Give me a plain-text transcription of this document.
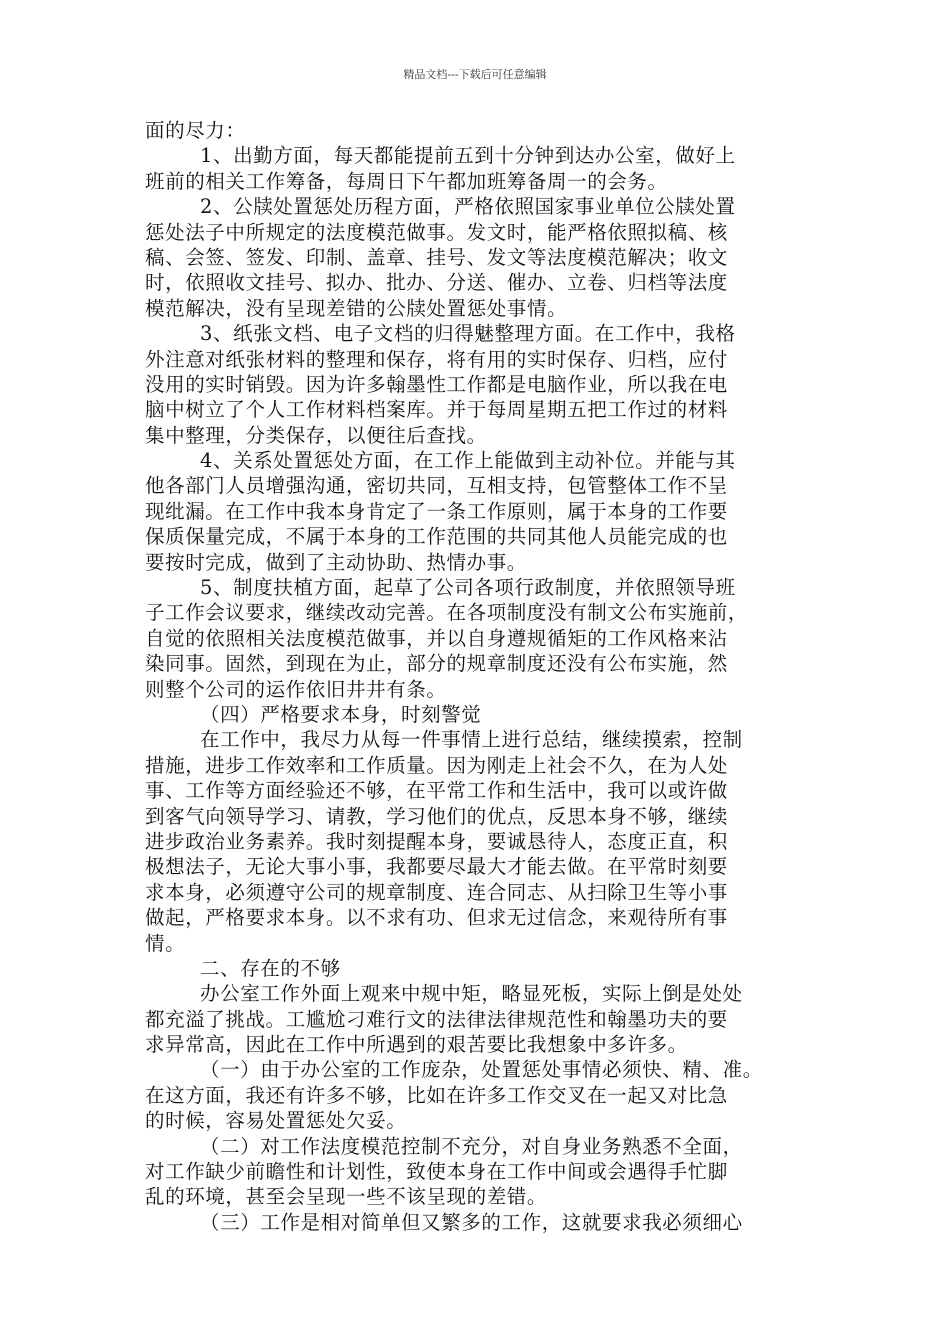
精品文档---下载后可任意编辑
面的尽力：
1、出勤方面，每天都能提前五到十分钟到达办公室，做好上
班前的相关工作筹备，每周日下午都加班筹备周一的会务。
2、公牍处置惩处历程方面，严格依照国家事业单位公牍处置
惩处法子中所规定的法度模范做事。发文时，能严格依照拟稿、核
稿、会签、签发、印制、盖章、挂号、发文等法度模范解决；收文
时，依照收文挂号、拟办、批办、分送、催办、立卷、归档等法度
模范解决，没有呈现差错的公牍处置惩处事情。
3、纸张文档、电子文档的归得魅整理方面。在工作中，我格
外注意对纸张材料的整理和保存，将有用的实时保存、归档，应付
没用的实时销毁。因为许多翰墨性工作都是电脑作业，所以我在电
脑中树立了个人工作材料档案库。并于每周星期五把工作过的材料
集中整理，分类保存，以便往后查找。
4、关系处置惩处方面，在工作上能做到主动补位。并能与其
他各部门人员增强沟通，密切共同，互相支持，包管整体工作不呈
现纰漏。在工作中我本身肯定了一条工作原则，属于本身的工作要
保质保量完成，不属于本身的工作范围的共同其他人员能完成的也
要按时完成，做到了主动协助、热情办事。
5、制度扶植方面，起草了公司各项行政制度，并依照领导班
子工作会议要求，继续改动完善。在各项制度没有制文公布实施前，
自觉的依照相关法度模范做事，并以自身遵规循矩的工作风格来沾
染同事。固然，到现在为止，部分的规章制度还没有公布实施，然
则整个公司的运作依旧井井有条。
（四）严格要求本身，时刻警觉
在工作中，我尽力从每一件事情上进行总结，继续摸索，控制
措施，进步工作效率和工作质量。因为刚走上社会不久，在为人处
事、工作等方面经验还不够，在平常工作和生活中，我可以或许做
到客气向领导学习、请教，学习他们的优点，反思本身不够，继续
进步政治业务素养。我时刻提醒本身，要诚恳待人，态度正直，积
极想法子，无论大事小事，我都要尽最大才能去做。在平常时刻要
求本身，必须遵守公司的规章制度、连合同志、从扫除卫生等小事
做起，严格要求本身。以不求有功、但求无过信念，来观待所有事
情。
二、存在的不够
办公室工作外面上观来中规中矩，略显死板，实际上倒是处处
都充溢了挑战。工尴尬刁难行文的法律法律规范性和翰墨功夫的要
求异常高，因此在工作中所遇到的艰苦要比我想象中多许多。
（一）由于办公室的工作庞杂，处置惩处事情必须快、精、准。
在这方面，我还有许多不够，比如在许多工作交叉在一起又对比急
的时候，容易处置惩处欠妥。
（二）对工作法度模范控制不充分，对自身业务熟悉不全面，
对工作缺少前瞻性和计划性，致使本身在工作中间或会遇得手忙脚
乱的环境，甚至会呈现一些不该呈现的差错。
（三）工作是相对简单但又繁多的工作，这就要求我必须细心
